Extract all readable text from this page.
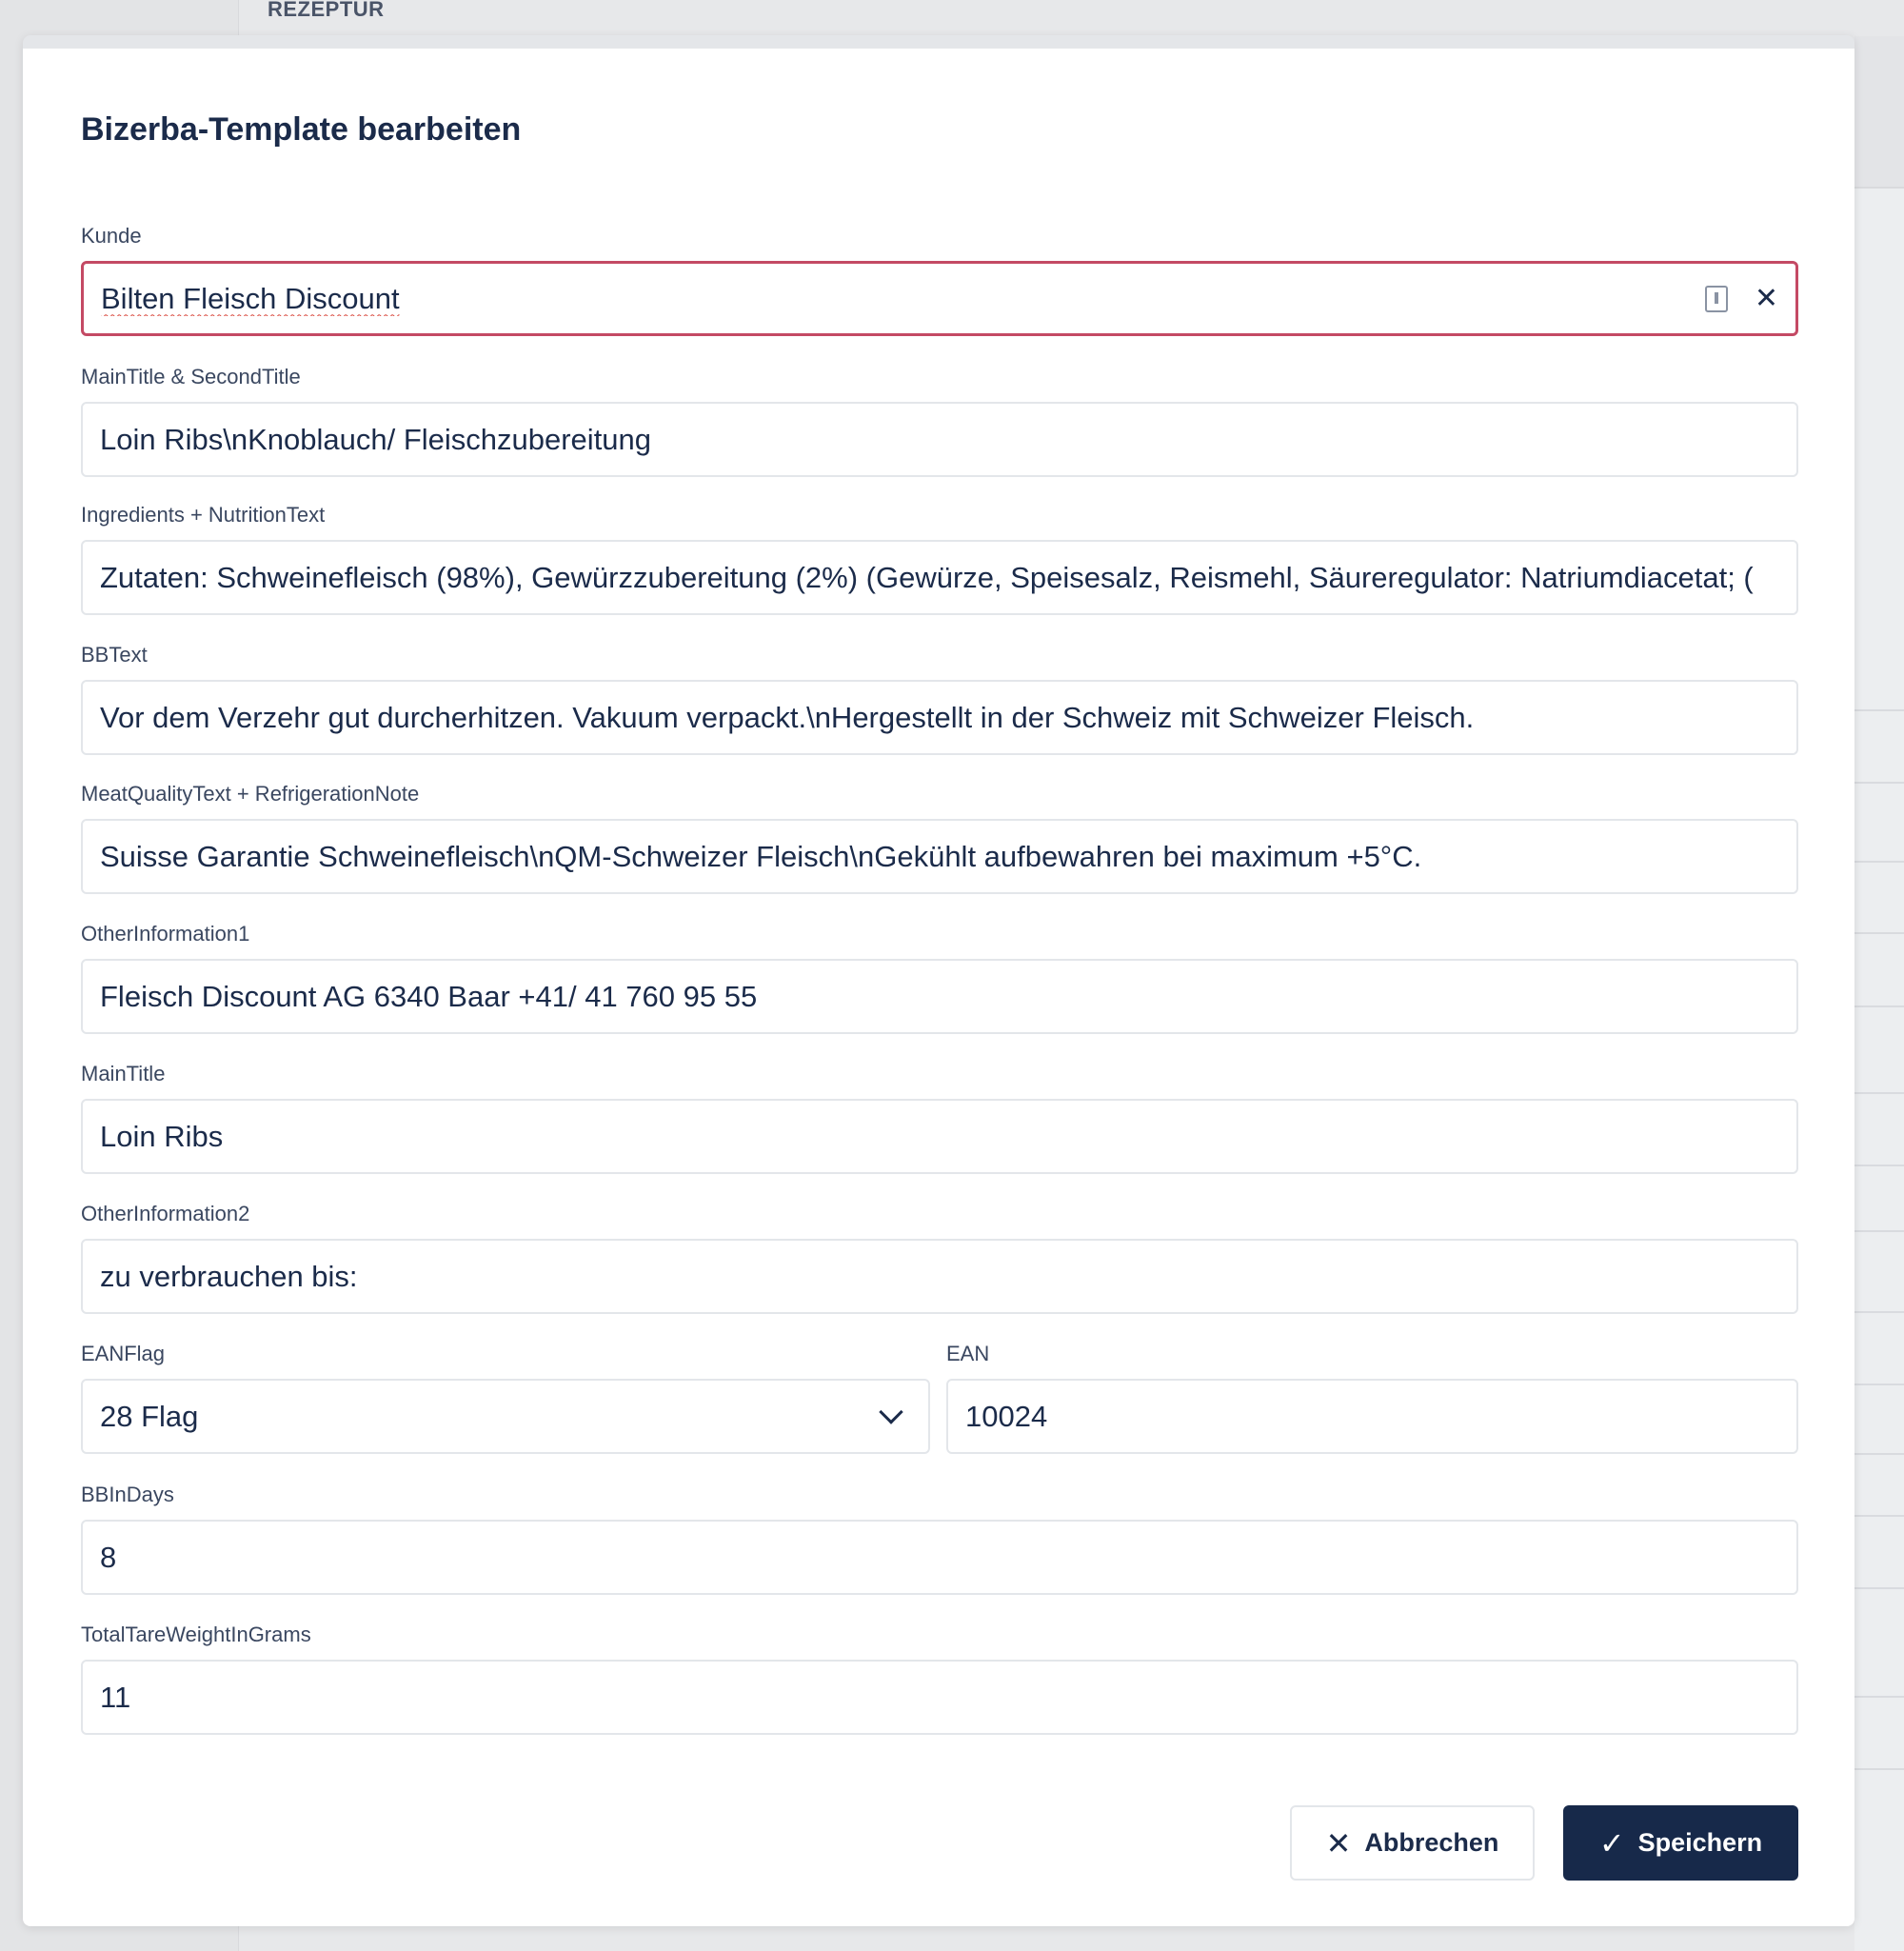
REZEPTUR
Bizerba-Template bearbeiten
Kunde
Bilten Fleisch Discount	✕
MainTitle & SecondTitle
Loin Ribs\nKnoblauch/ Fleischzubereitung
Ingredients + NutritionText
Zutaten: Schweinefleisch (98%), Gewürzzubereitung (2%) (Gewürze, Speisesalz, Reismehl, Säureregulator: Natriumdiacetat; (
BBText
Vor dem Verzehr gut durcherhitzen. Vakuum verpackt.\nHergestellt in der Schweiz mit Schweizer Fleisch.
MeatQualityText + RefrigerationNote
Suisse Garantie Schweinefleisch\nQM-Schweizer Fleisch\nGekühlt aufbewahren bei maximum +5°C.
OtherInformation1
Fleisch Discount AG 6340 Baar +41/ 41 760 95 55
MainTitle
Loin Ribs
OtherInformation2
zu verbrauchen bis:
EANFlag
28 Flag
EAN
10024
BBInDays
8
TotalTareWeightInGrams
11
✕ Abbrechen	✓ Speichern
